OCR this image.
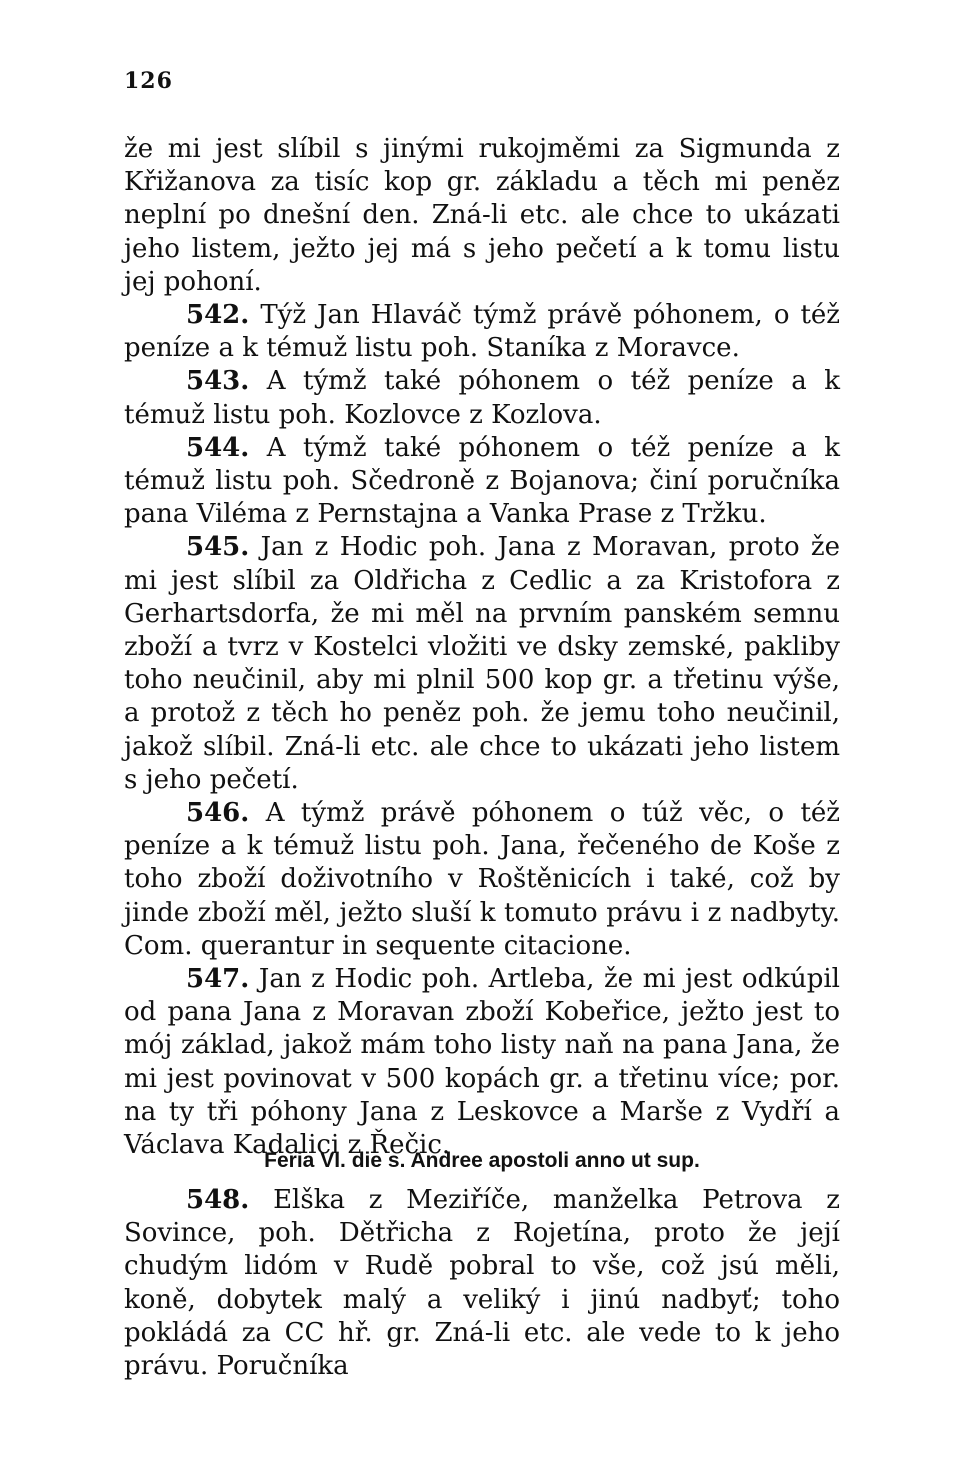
126

že mi jest slíbil s jinými rukojměmi za Sigmunda z Křižanova za tisíc kop gr. základu a těch mi peněz neplní po dnešní den. Zná-li etc. ale chce to ukázati jeho listem, ježto jej má s jeho pečetí a k tomu listu jej pohoní.

542. Týž Jan Hlaváč týmž právě póhonem, o též peníze a k témuž listu poh. Staníka z Moravce.

543. A týmž také póhonem o též peníze a k témuž listu poh. Kozlovce z Kozlova.

544. A týmž také póhonem o též peníze a k témuž listu poh. Sčedroně z Bojanova; činí poručníka pana Viléma z Pernstajna a Vanka Prase z Tržku.

545. Jan z Hodic poh. Jana z Moravan, proto že mi jest slíbil za Oldřicha z Cedlic a za Kristofora z Gerhartsdorfa, že mi měl na prvním panském semnu zboží a tvrz v Kostelci vložiti ve dsky zemské, pakliby toho neučinil, aby mi plnil 500 kop gr. a třetinu výše, a protož z těch ho peněz poh. že jemu toho neučinil, jakož slíbil. Zná-li etc. ale chce to ukázati jeho listem s jeho pečetí.

546. A týmž právě póhonem o túž věc, o též peníze a k témuž listu poh. Jana, řečeného de Koše z toho zboží doživotního v Roštěnicích i také, což by jinde zboží měl, ježto sluší k tomuto právu i z nadbyty. Com. querantur in sequente citacione.

547. Jan z Hodic poh. Artleba, že mi jest odkúpil od pana Jana z Moravan zboží Kobeřice, ježto jest to mój základ, jakož mám toho listy naň na pana Jana, že mi jest povinovat v 500 kopách gr. a třetinu více; por. na ty tři póhony Jana z Leskovce a Marše z Vydří a Václava Kadalici z Řečic.

Feria VI. die s. Andree apostoli anno ut sup.

548. Elška z Meziříče, manželka Petrova z Sovince, poh. Dětřicha z Rojetína, proto že její chudým lidóm v Rudě pobral to vše, což jsú měli, koně, dobytek malý a veliký i jinú nadbyť; toho pokládá za CC hř. gr. Zná-li etc. ale vede to k jeho právu. Poručníka
